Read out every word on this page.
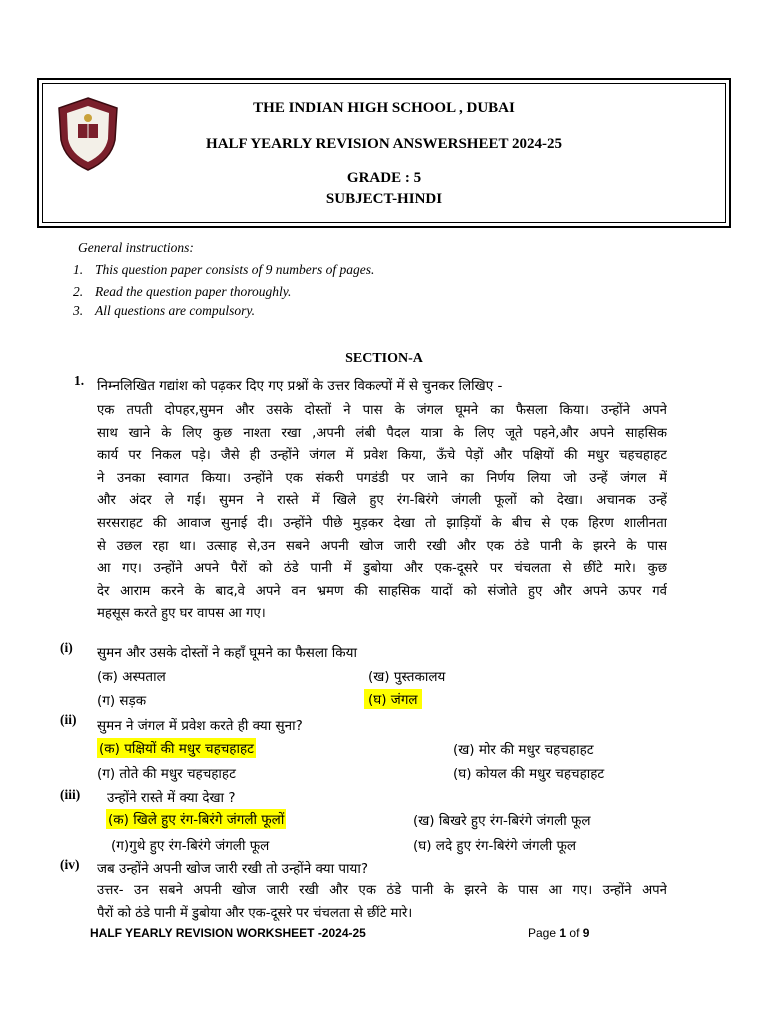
THE INDIAN HIGH SCHOOL , DUBAI
HALF YEARLY REVISION ANSWERSHEET 2024-25
GRADE : 5
SUBJECT-HINDI
General instructions:
1. This question paper consists of 9 numbers of pages.
2. Read the question paper thoroughly.
3. All questions are compulsory.
SECTION-A
1. निम्नलिखित गद्यांश को पढ़कर दिए गए प्रश्नों के उत्तर विकल्पों में से चुनकर लिखिए -
एक तपती दोपहर,सुमन और उसके दोस्तों ने पास के जंगल घूमने का फैसला किया। उन्होंने अपने
साथ खाने के लिए कुछ नाश्ता रखा ,अपनी लंबी पैदल यात्रा के लिए जूते पहने,और अपने साहसिक
कार्य पर निकल पड़े। जैसे ही उन्होंने जंगल में प्रवेश किया, ऊँचे पेड़ों और पक्षियों की मधुर चहचहाहट
ने उनका स्वागत किया। उन्होंने एक संकरी पगडंडी पर जाने का निर्णय लिया जो उन्हें जंगल में
और अंदर ले गई। सुमन ने रास्ते में खिले हुए रंग-बिरंगे जंगली फूलों को देखा। अचानक उन्हें
सरसराहट की आवाज सुनाई दी। उन्होंने पीछे मुड़कर देखा तो झाड़ियों के बीच से एक हिरण शालीनता
से उछल रहा था। उत्साह से,उन सबने अपनी खोज जारी रखी और एक ठंडे पानी के झरने के पास
आ गए। उन्होंने अपने पैरों को ठंडे पानी में डुबोया और एक-दूसरे पर चंचलता से छींटे मारे। कुछ
देर आराम करने के बाद,वे अपने वन भ्रमण की साहसिक यादों को संजोते हुए और अपने ऊपर गर्व
महसूस करते हुए घर वापस आ गए।
(i) सुमन और उसके दोस्तों ने कहाँ घूमने का फैसला किया
(क) अस्पताल	(ख) पुस्तकालय
(ग) सड़क	(घ) जंगल
(ii) सुमन ने जंगल में प्रवेश करते ही क्या सुना?
(क) पक्षियों की मधुर चहचहाहट	(ख) मोर की मधुर चहचहाहट
(ग) तोते की मधुर चहचहाहट	(घ) कोयल की मधुर चहचहाहट
(iii) उन्होंने रास्ते में क्या देखा ?
(क) खिले हुए रंग-बिरंगे जंगली फूलों	(ख) बिखरे हुए रंग-बिरंगे जंगली फूल
(ग)गुथे हुए रंग-बिरंगे जंगली फूल	(घ) लदे हुए रंग-बिरंगे जंगली फूल
(iv) जब उन्होंने अपनी खोज जारी रखी तो उन्होंने क्या पाया?
उत्तर- उन सबने अपनी खोज जारी रखी और एक ठंडे पानी के झरने के पास आ गए। उन्होंने अपने
पैरों को ठंडे पानी में डुबोया और एक-दूसरे पर चंचलता से छींटे मारे।
HALF YEARLY REVISION WORKSHEET -2024-25	Page 1 of 9
